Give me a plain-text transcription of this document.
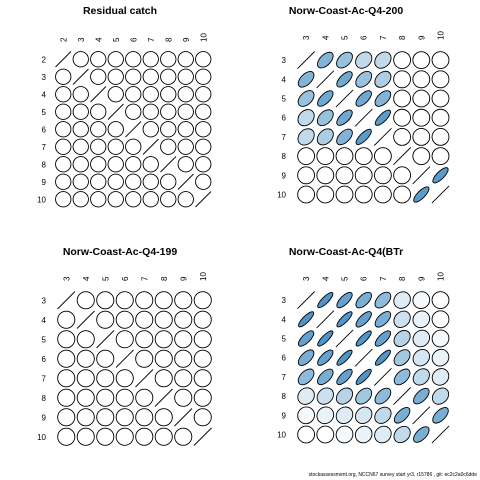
Residual catch
2 3 4 5 6 7 8 9 10
2
3
4
5
6
7
8
9
10
Norw-Coast-Ac-Q4-200
3 4 5 6 7 8 9 10
3
4
5
6
7
8
9
10
Norw-Coast-Ac-Q4-199
3 4 5 6 7 8 9 10
3
4
5
6
7
8
9
10
Norw-Coast-Ac-Q4(BTr
3 4 5 6 7 8 9 10
3
4
5
6
7
8
9
10
stockassessment.org, NCCN67 survey start yr3, r15786 , git: ec2c2a0c6dde
